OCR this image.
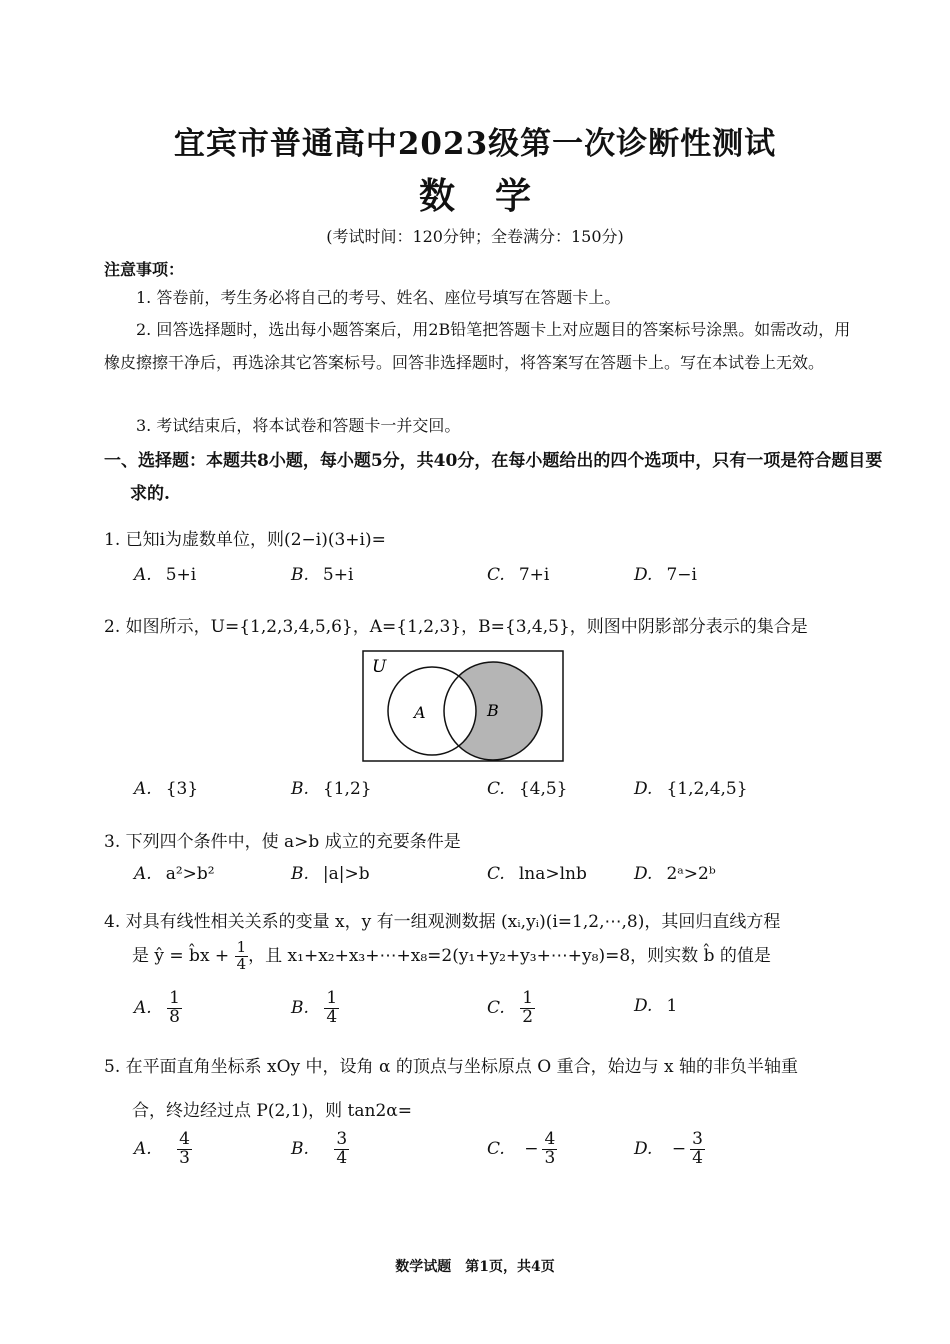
宜宾市普通高中2023级第一次诊断性测试
数学
(考试时间：120分钟；全卷满分：150分)
注意事项：
1. 答卷前，考生务必将自己的考号、姓名、座位号填写在答题卡上。
2. 回答选择题时，选出每小题答案后，用2B铅笔把答题卡上对应题目的答案标号涂黑。如需改动，用橡皮擦擦干净后，再选涂其它答案标号。回答非选择题时，将答案写在答题卡上。写在本试卷上无效。
3. 考试结束后，将本试卷和答题卡一并交回。
一、选择题：本题共8小题，每小题5分，共40分，在每小题给出的四个选项中，只有一项是符合题目要求的.
1. 已知i为虚数单位，则(2−i)(3+i)=
A. 5+i	B. 5+i	C. 7+i	D. 7−i
2. 如图所示，U={1,2,3,4,5,6}，A={1,2,3}，B={3,4,5}，则图中阴影部分表示的集合是
U
A	B
A. {3}	B. {1,2}	C. {4,5}	D. {1,2,4,5}
3. 下列四个条件中，使 a>b 成立的充要条件是
A. a²>b²	B. |a|>b	C. lna>lnb	D. 2ᵃ>2ᵇ
4. 对具有线性相关关系的变量 x，y 有一组观测数据 (xᵢ,yᵢ)(i=1,2,⋯,8)，其回归直线方程
是 ŷ = b̂x + $\frac{1}{4}$ ，且 x₁+x₂+x₃+⋯+x₈=2(y₁+y₂+y₃+⋯+y₈)=8，则实数 b̂ 的值是
A. $\frac{1}{8}$	B. $\frac{1}{4}$	C. $\frac{1}{2}$	D. 1
5. 在平面直角坐标系 xOy 中，设角 α 的顶点与坐标原点 O 重合，始边与 x 轴的非负半轴重
合，终边经过点 P(2,1)，则 tan2α=
A. $\frac{4}{3}$	B. $\frac{3}{4}$	C. − $\frac{4}{3}$	D. − $\frac{3}{4}$
数学试题　第1页，共4页
